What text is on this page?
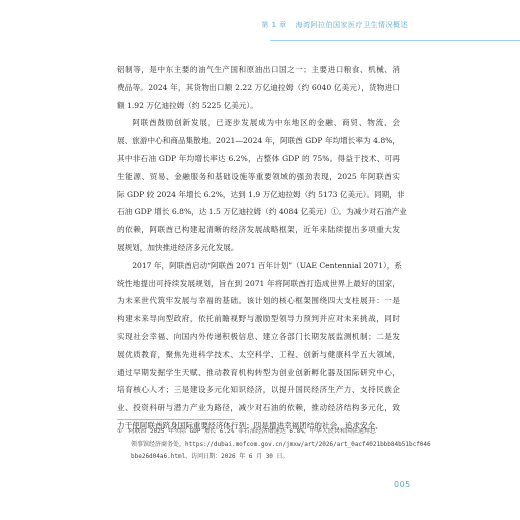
第 1 章 海湾阿拉伯国家医疗卫生情况概述
铝制等，是中东主要的油气生产国和原油出口国之一；主要进口粮食、机械、消
费品等。2024 年，其货物出口额 2.22 万亿迪拉姆（约 6040 亿美元），货物进口
额 1.92 万亿迪拉姆（约 5225 亿美元）。
阿联酋鼓励创新发展，已逐步发展成为中东地区的金融、商贸、物流、会
展、旅游中心和商品集散地。2021—2024 年，阿联酋 GDP 年均增长率为 4.8%，
其中非石油 GDP 年均增长率达 6.2%，占整体 GDP 的 75%。得益于技术、可再
生能源、贸易、金融服务和基础设施等重要领域的强劲表现，2025 年阿联酋实
际 GDP 较 2024 年增长 6.2%，达到 1.9 万亿迪拉姆（约 5173 亿美元）。同期，非
石油 GDP 增长 6.8%，达 1.5 万亿迪拉姆（约 4084 亿美元）①。为减少对石油产业
的依赖，阿联酋已构建起清晰的经济发展战略框架，近年来陆续提出多项重大发
展规划，加快推进经济多元化发展。
2017 年，阿联酋启动“阿联酋 2071 百年计划”（UAE Centennial 2071），系
统性地提出可持续发展规划，旨在到 2071 年将阿联酋打造成世界上最好的国家，
为未来世代筑牢发展与幸福的基础。该计划的核心框架围绕四大支柱展开：一是
构建未来导向型政府，依托前瞻视野与激励型领导力预判并应对未来挑战，同时
实现社会幸福、向国内外传递积极信息、建立各部门长期发展监测机制；二是发
展优质教育，聚焦先进科学技术、太空科学、工程、创新与健康科学五大领域，
通过早期发掘学生天赋、推动教育机构转型为创业创新孵化器及国际研究中心，
培育核心人才；三是建设多元化知识经济，以提升国民经济生产力、支持民族企
业、投资科研与潜力产业为路径，减少对石油的依赖，推动经济结构多元化，致
力于使阿联酋跻身国际重要经济体行列；四是增进幸福团结的社会，追求安全、
① 阿联酋 2025 年实际 GDP 增长 6.2% 非石油经济增速达 6.8%，中华人民共和国驻迪拜总
领事馆经济商务处，https://dubai.mofcom.gov.cn/jmxw/art/2026/art_0acf4021bbb84b51bcf046
bbe26d04a6.html，访问日期：2026 年 6 月 30 日。
005
